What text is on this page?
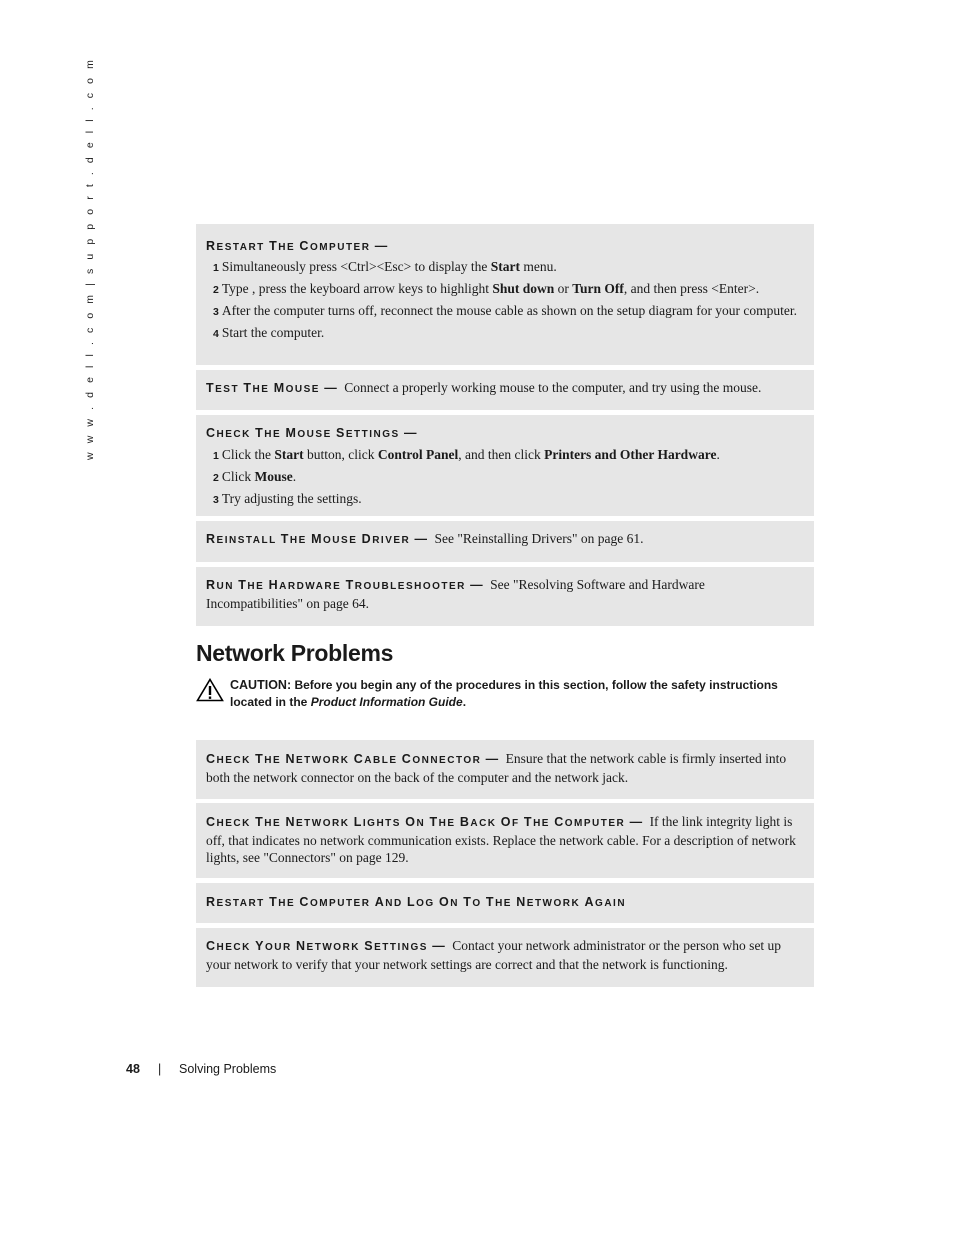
w w w . d e l l . c o m | s u p p o r t . d e l l . c o m	RESTART THE COMPUTER —

1 Simultaneously press <Ctrl><Esc> to display the Start menu.

2 Type , press the keyboard arrow keys to highlight Shut down or Turn Off, and then press <Enter>.

3 After the computer turns off, reconnect the mouse cable as shown on the setup diagram for your computer.

4 Start the computer.

TEST THE MOUSE — Connect a properly working mouse to the computer, and try using the mouse.
CHECK THE MOUSE SETTINGS —

1 Click the Start button, click Control Panel, and then click Printers and Other Hardware.

2 Click Mouse.

3 Try adjusting the settings.

REINSTALL THE MOUSE DRIVER — See "Reinstalling Drivers" on page 61.
RUN THE HARDWARE TROUBLESHOOTER — See "Resolving Software and Hardware Incompatibilities" on page 64.
Network Problems
CAUTION: Before you begin any of the procedures in this section, follow the safety instructions located in the Product Information Guide.
CHECK THE NETWORK CABLE CONNECTOR — Ensure that the network cable is firmly inserted into both the network connector on the back of the computer and the network jack.
CHECK THE NETWORK LIGHTS ON THE BACK OF THE COMPUTER — If the link integrity light is off, that indicates no network communication exists. Replace the network cable. For a description of network lights, see "Connectors" on page 129.
RESTART THE COMPUTER AND LOG ON TO THE NETWORK AGAIN
CHECK YOUR NETWORK SETTINGS — Contact your network administrator or the person who set up your network to verify that your network settings are correct and that the network is functioning.
48 | Solving Problems
